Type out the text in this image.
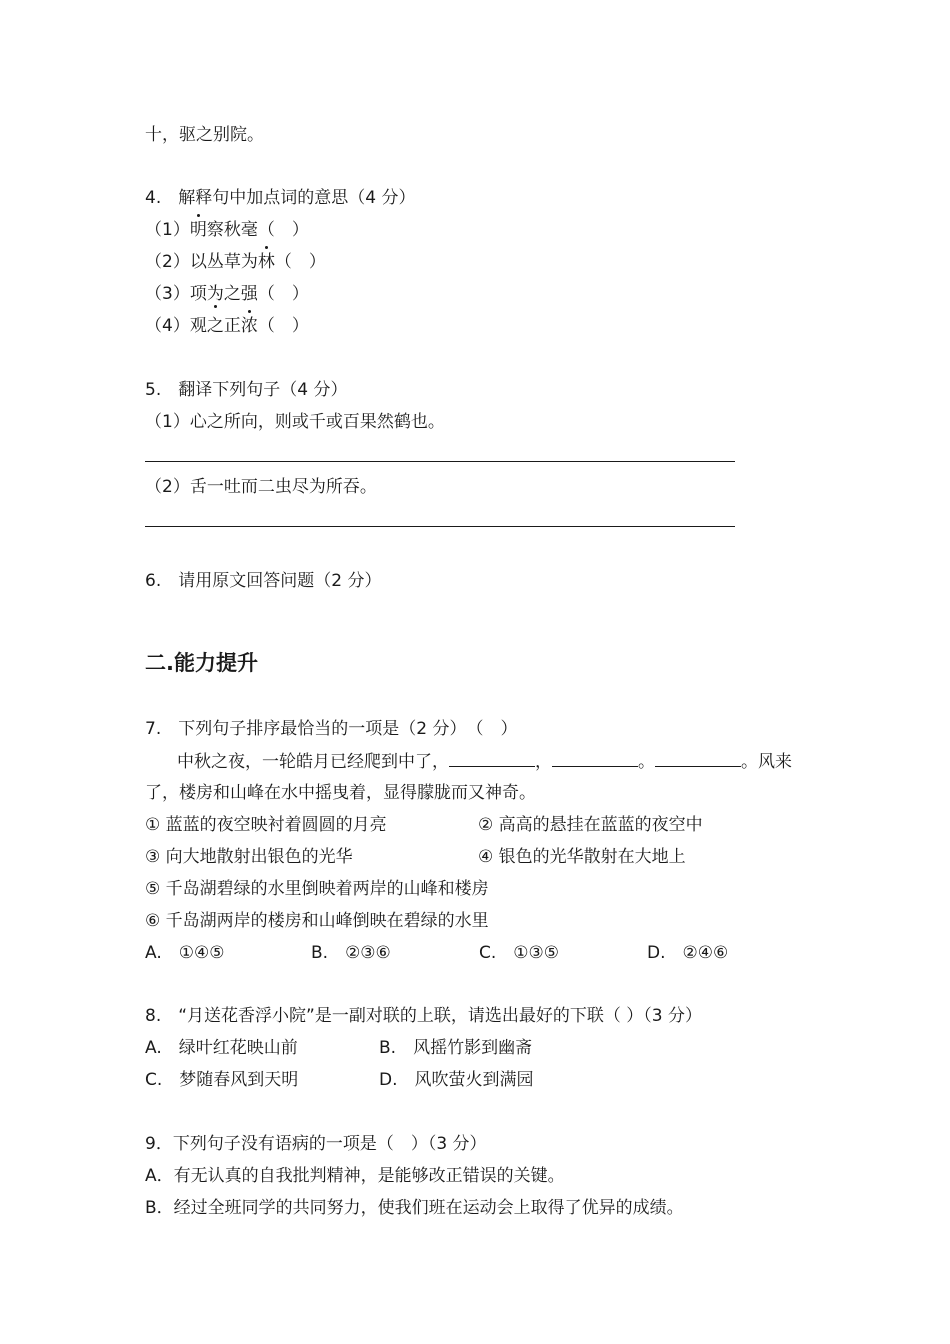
十，驱之别院。
4.　解释句中加点词的意思（4 分）
（1）明察秋毫（　）
（2）以丛草为林（　）
（3）项为之强（　）
（4）观之正浓（　）
5.　翻译下列句子（4 分）
（1）心之所向，则或千或百果然鹤也。
（2）舌一吐而二虫尽为所吞。
6.　请用原文回答问题（2 分）
二.能力提升
7.　下列句子排序最恰当的一项是（2 分）　（　）
中秋之夜，一轮皓月已经爬到中了，	，	。	。风来
了，楼房和山峰在水中摇曳着，显得朦胧而又神奇。
① 蓝蓝的夜空映衬着圆圆的月亮	② 高高的悬挂在蓝蓝的夜空中
③ 向大地散射出银色的光华	④ 银色的光华散射在大地上
⑤ 千岛湖碧绿的水里倒映着两岸的山峰和楼房
⑥ 千岛湖两岸的楼房和山峰倒映在碧绿的水里
A.　①④⑤	B.　②③⑥	C.　①③⑤	D.　②④⑥
8.　“月送花香浮小院”是一副对联的上联，请选出最好的下联（ ）（3 分）
A.　绿叶红花映山前	B.　风摇竹影到幽斋
C.　梦随春风到天明	D.　风吹萤火到满园
9．下列句子没有语病的一项是（　）（3 分）
A．有无认真的自我批判精神，是能够改正错误的关键。
B．经过全班同学的共同努力，使我们班在运动会上取得了优异的成绩。
